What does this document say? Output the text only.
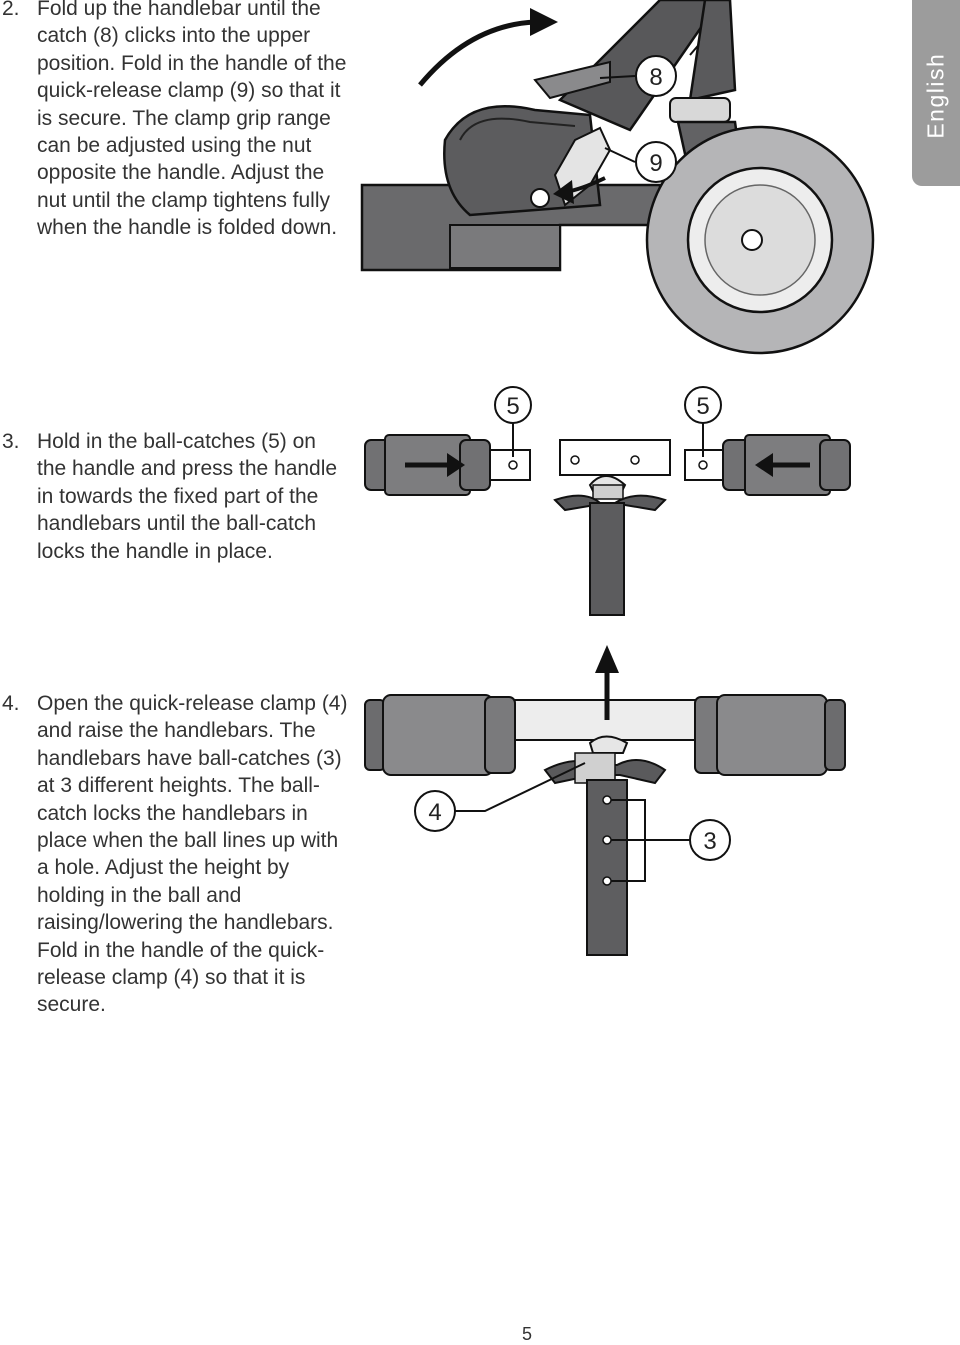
2. Fold up the handlebar until the catch (8) clicks into the upper position. Fold in the handle of the quick-release clamp (9) so that it is secure. The clamp grip range can be adjusted using the nut opposite the handle. Adjust the nut until the clamp tightens fully when the handle is folded down.
3. Hold in the ball-catches (5) on the handle and press the handle in towards the fixed part of the handlebars until the ball-catch locks the handle in place.
4. Open the quick-release clamp (4) and raise the handlebars. The handlebars have ball-catches (3) at 3 different heights. The ball-catch locks the handlebars in place when the ball lines up with a hole. Adjust the height by holding in the ball and raising/lowering the handlebars. Fold in the handle of the quick-release clamp (4) so that it is secure.
8
9
5	5
3
4
English
5
